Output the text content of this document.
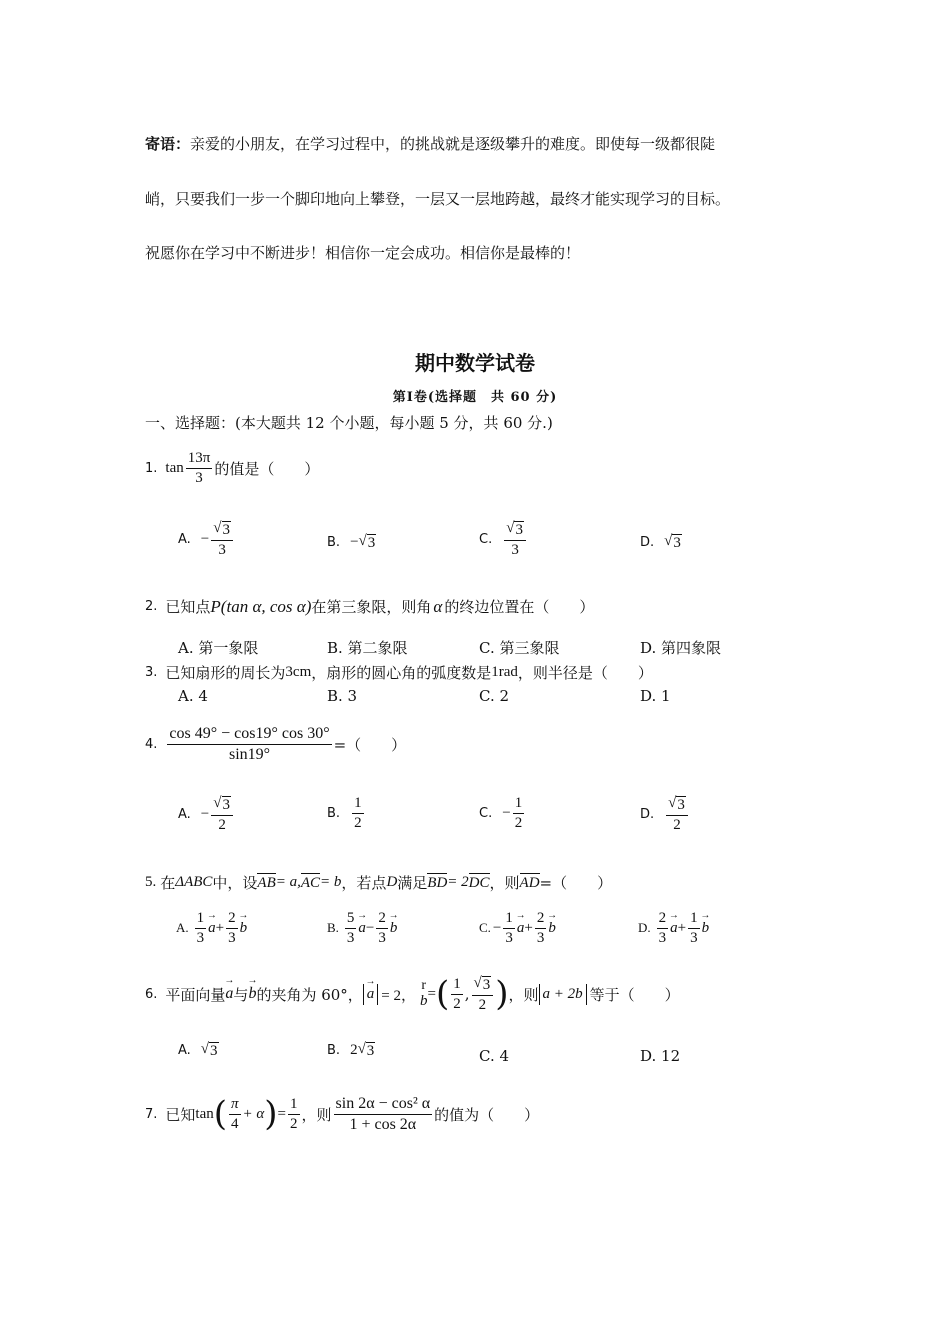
寄语：亲爱的小朋友，在学习过程中，的挑战就是逐级攀升的难度。即使每一级都很陡
峭，只要我们一步一个脚印地向上攀登，一层又一层地跨越，最终才能实现学习的目标。
祝愿你在学习中不断进步！相信你一定会成功。相信你是最棒的！
期中数学试卷
第Ⅰ卷(选择题　共 60 分)
一、选择题：(本大题共 12 个小题，每小题 5 分，共 60 分.)
1. $\tan \frac{13\pi}{3}$ 的值是（　　）
A. − $\frac{√ 3}{3}$	B. − √ 3	C. $\frac{√ 3}{3}$	D. √ 3
2. 已知点 P(tan α, cos α) 在第三象限，则角 α 的终边位置在（　　）
A. 第一象限	B. 第二象限	C. 第三象限	D. 第四象限
3. 已知扇形的周长为 3cm ，扇形的圆心角的弧度数是 1rad ，则半径是（　　）
A. 4	B. 3	C. 2	D. 1
4. $\frac{\cos 49^\circ - \cos 19^\circ \cos 30^\circ}{\sin 19^\circ}$ =（　　）
A. − $\frac{√ 3}{2}$	B. $\frac{1}{2}$	C. − $\frac{1}{2}$	D. $\frac{√ 3}{2}$
5. 在 ΔABC 中，设 AB = a, AC = b ，若点 D 满足 BD = 2 DC ，则 AD =（　　）
A. $\frac{1}{3}$
→ $a + \frac{2}{3}$
→ b	B. $\frac{5}{3}$
→ $a - \frac{2}{3}$
→ b	C. − $\frac{1}{3}$
→ $a + \frac{2}{3}$
→ b	D. $\frac{2}{3}$
→ $a + \frac{1}{3}$
→ b
6. 平面向量
→ a 与
→ b 的夹角为 60°，
→ a = 2，
r
b = ( $\frac{1}{2}$ , $\frac{√ 3}{2}$ ) ，则 a + 2b 等于（　　）
A. √ 3	B. 2 √ 3	C. 4	D. 12
7. 已知 tan ( $\frac{\pi}{4} + \alpha$ ) = $\frac{1}{2}$ ，则 $\frac{\text{sin 2α − cos² α}}{1 + \cos 2\alpha}$ 的值为（　　）
